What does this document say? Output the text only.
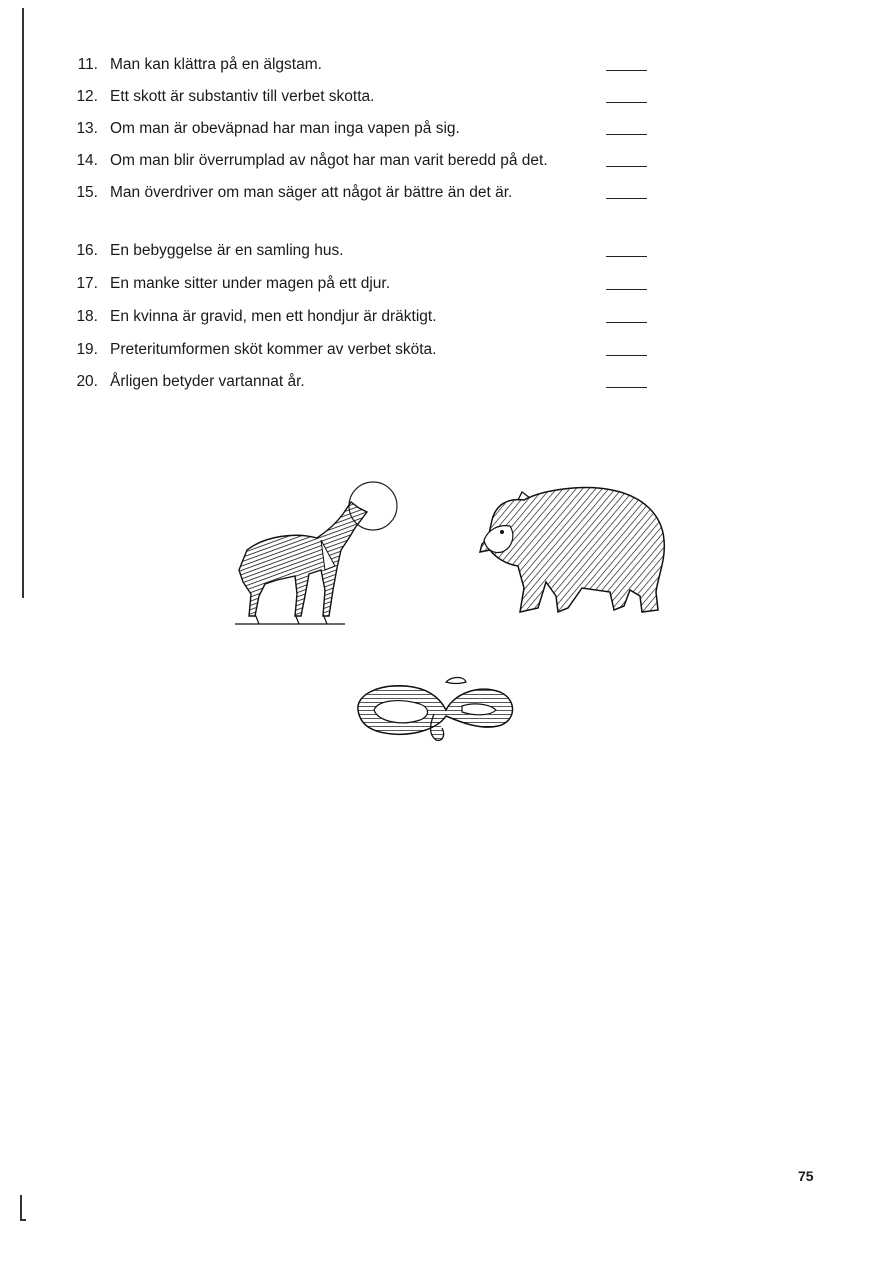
11. Man kan klättra på en älgstam.
12. Ett skott är substantiv till verbet skotta.
13. Om man är obeväpnad har man inga vapen på sig.
14. Om man blir överrumplad av något har man varit beredd på det.
15. Man överdriver om man säger att något är bättre än det är.
16. En bebyggelse är en samling hus.
17. En manke sitter under magen på ett djur.
18. En kvinna är gravid, men ett hondjur är dräktigt.
19. Preteritumformen sköt kommer av verbet sköta.
20. Årligen betyder vartannat år.
75
